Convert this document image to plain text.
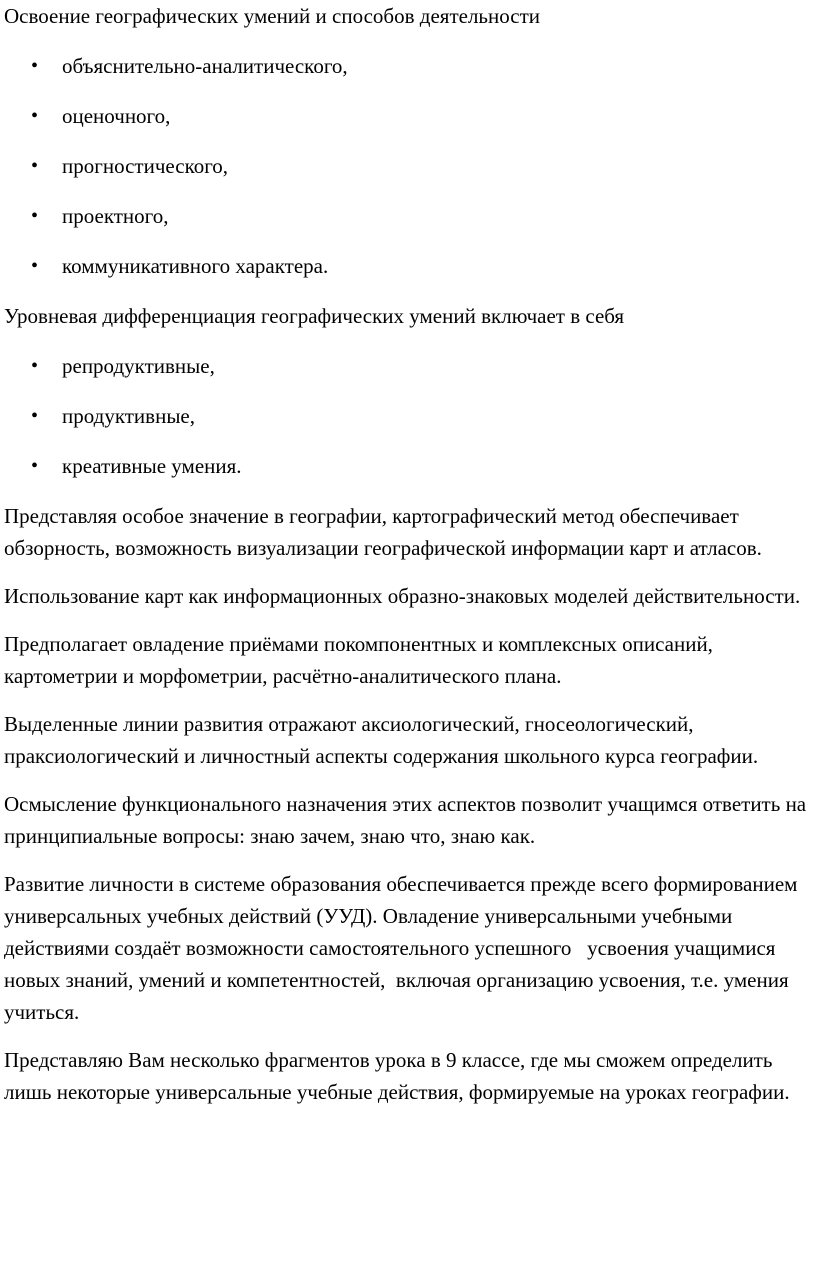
Освоение географических умений и способов деятельности

• объяснительно-аналитического,
• оценочного,
• прогностического,
• проектного,
• коммуникативного характера.

Уровневая дифференциация географических умений включает в себя

• репродуктивные,
• продуктивные,
• креативные умения.

Представляя особое значение в географии, картографический метод обеспечивает обзорность, возможность визуализации географической информации карт и атласов.

Использование карт как информационных образно-знаковых моделей действительности.

Предполагает овладение приёмами покомпонентных и комплексных описаний, картометрии и морфометрии, расчётно-аналитического плана.

Выделенные линии развития отражают аксиологический, гносеологический, праксиологический и личностный аспекты содержания школьного курса географии.

Осмысление функционального назначения этих аспектов позволит учащимся ответить на принципиальные вопросы: знаю зачем, знаю что, знаю как.

Развитие личности в системе образования обеспечивается прежде всего формированием универсальных учебных действий (УУД). Овладение универсальными учебными  действиями создаёт возможности самостоятельного успешного   усвоения учащимися новых знаний, умений и компетентностей,  включая организацию усвоения, т.е. умения учиться.

Представляю Вам несколько фрагментов урока в 9 классе, где мы сможем определить лишь некоторые универсальные учебные действия, формируемые на уроках географии.
